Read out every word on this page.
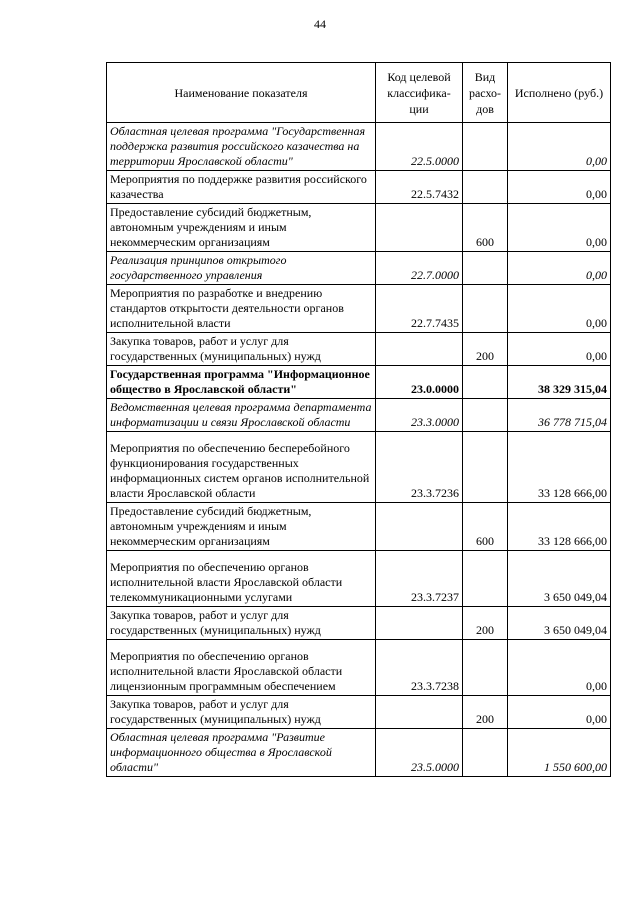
44
Наименование показателя	Код целевой классифика-ции	Вид расхо-дов	Исполнено (руб.)
Областная целевая программа "Государственная поддержка развития российского казачества на территории Ярославской области"	22.5.0000		0,00
Мероприятия по поддержке развития российского казачества	22.5.7432		0,00
Предоставление субсидий бюджетным, автономным учреждениям и иным некоммерческим организациям		600	0,00
Реализация принципов открытого государственного управления	22.7.0000		0,00
Мероприятия по разработке и внедрению стандартов открытости деятельности органов исполнительной власти	22.7.7435		0,00
Закупка товаров, работ и услуг для государственных (муниципальных) нужд		200	0,00
Государственная программа "Информационное общество в Ярославской области"	23.0.0000		38 329 315,04
Ведомственная целевая программа департамента информатизации и связи Ярославской области	23.3.0000		36 778 715,04
Мероприятия по обеспечению бесперебойного функционирования государственных информационных систем органов исполнительной власти Ярославской области	23.3.7236		33 128 666,00
Предоставление субсидий бюджетным, автономным учреждениям и иным некоммерческим организациям		600	33 128 666,00
Мероприятия по обеспечению органов исполнительной власти Ярославской области телекоммуникационными услугами	23.3.7237		3 650 049,04
Закупка товаров, работ и услуг для государственных (муниципальных) нужд		200	3 650 049,04
Мероприятия по обеспечению органов исполнительной власти Ярославской области лицензионным программным обеспечением	23.3.7238		0,00
Закупка товаров, работ и услуг для государственных (муниципальных) нужд		200	0,00
Областная целевая программа "Развитие информационного общества в Ярославской области"	23.5.0000		1 550 600,00
